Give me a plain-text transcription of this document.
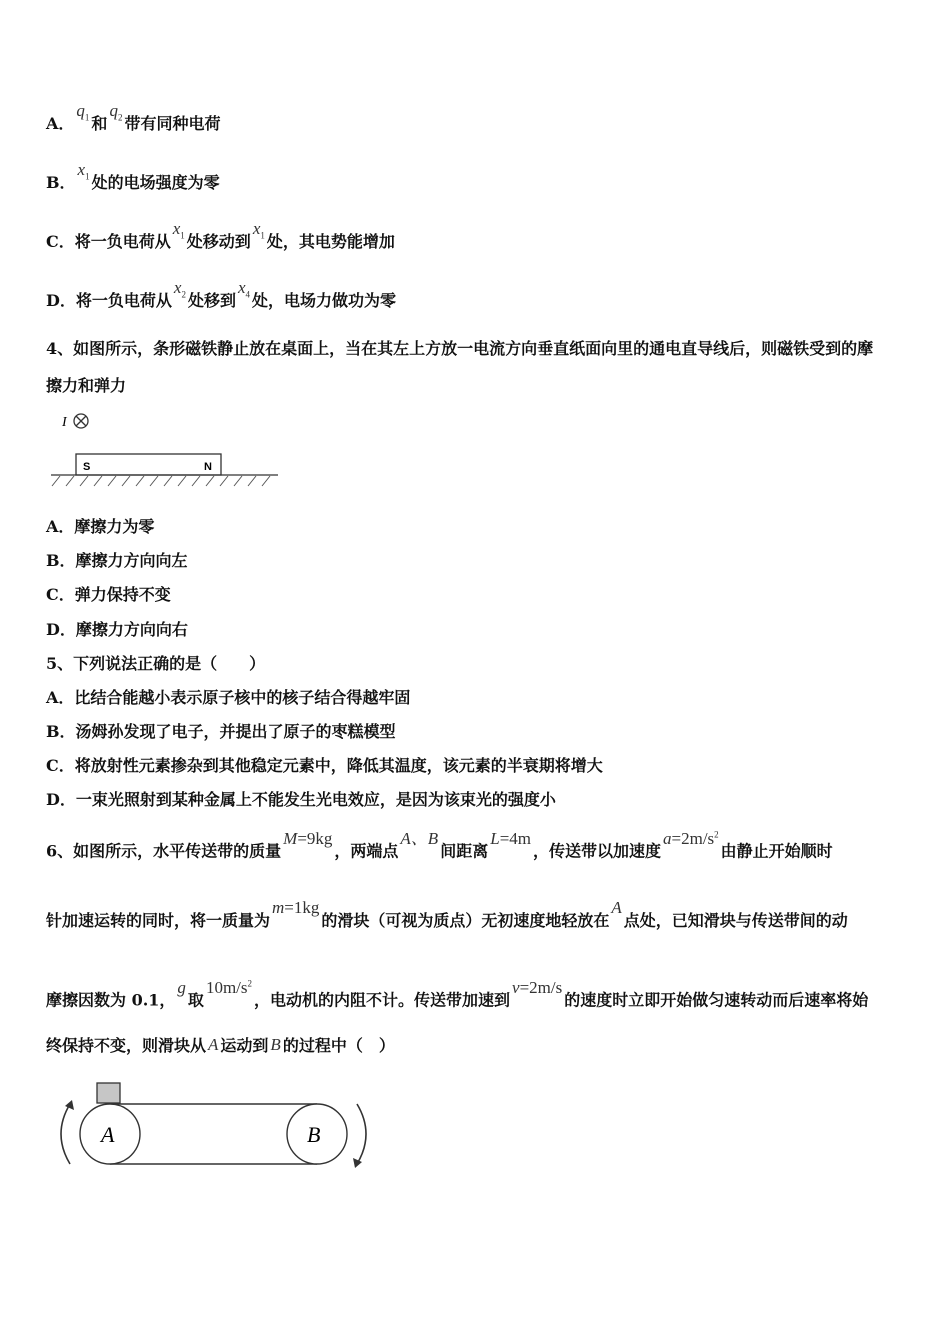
A．$q_1$ 和$q_2$ 带有同种电荷
B．$x_1$ 处的电场强度为零
C．将一负电荷从$x_1$ 处移动到$x_1$ 处，其电势能增加
D．将一负电荷从$x_2$ 处移到$x_4$ 处，电场力做功为零
4、如图所示，条形磁铁静止放在桌面上，当在其左上方放一电流方向垂直纸面向里的通电直导线后，则磁铁受到的摩
擦力和弹力
I
S	N
A．摩擦力为零
B．摩擦力方向向左
C．弹力保持不变
D．摩擦力方向向右
5、下列说法正确的是（　　）
A．比结合能越小表示原子核中的核子结合得越牢固
B．汤姆孙发现了电子，并提出了原子的枣糕模型
C．将放射性元素掺杂到其他稳定元素中，降低其温度，该元素的半衰期将增大
D．一束光照射到某种金属上不能发生光电效应，是因为该束光的强度小
6、如图所示，水平传送带的质量M=9kg，两端点A、B间距离L=4m，传送带以加速度$a=2m/s^2$由静止开始顺时
针加速运转的同时，将一质量为m=1kg的滑块（可视为质点）无初速度地轻放在A点处，已知滑块与传送带间的动
摩擦因数为 0.1，g取$10m/s^2$，电动机的内阻不计。传送带加速到v=2m/s的速度时立即开始做匀速转动而后速率将始
终保持不变，则滑块从 A 运动到 B 的过程中（　）
A	B
